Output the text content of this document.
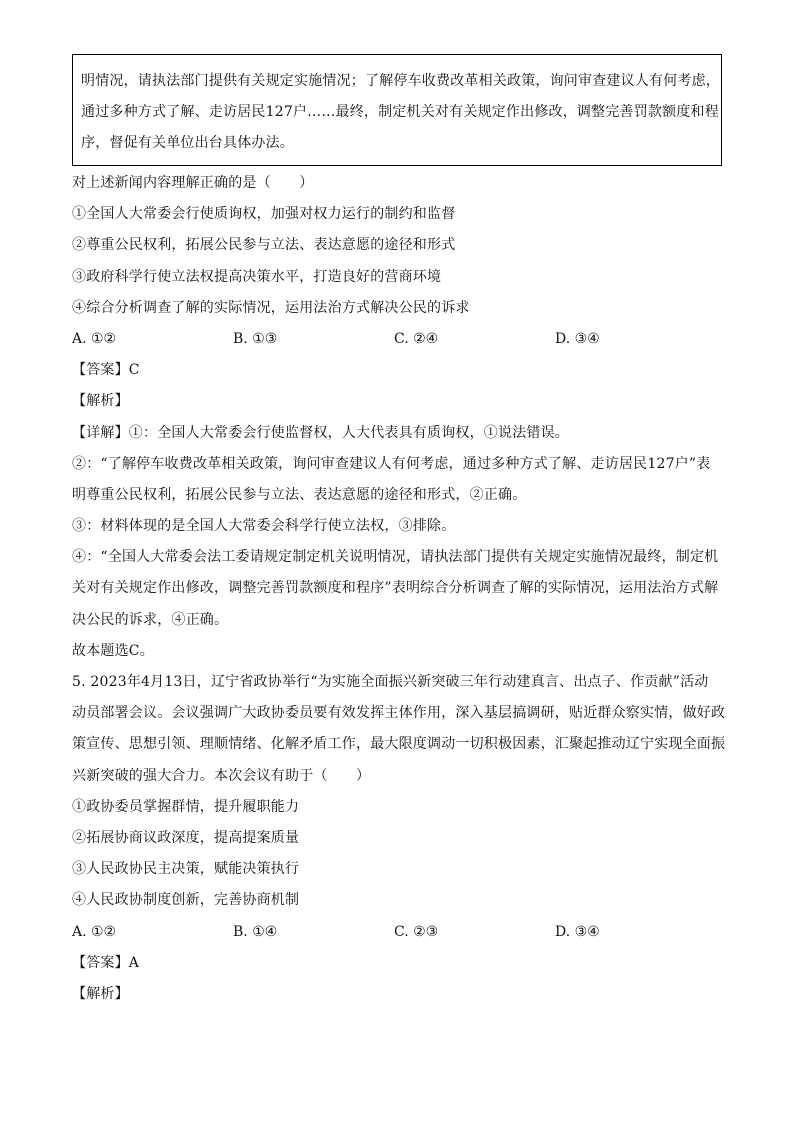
明情况，请执法部门提供有关规定实施情况；了解停车收费改革相关政策，询问审查建议人有何考虑，
通过多种方式了解、走访居民127户……最终，制定机关对有关规定作出修改，调整完善罚款额度和程
序，督促有关单位出台具体办法。
对上述新闻内容理解正确的是（　　）
①全国人大常委会行使质询权，加强对权力运行的制约和监督
②尊重公民权利，拓展公民参与立法、表达意愿的途径和形式
③政府科学行使立法权提高决策水平，打造良好的营商环境
④综合分析调查了解的实际情况，运用法治方式解决公民的诉求
A. ①②	B. ①③	C. ②④	D. ③④
【答案】C
【解析】
【详解】①：全国人大常委会行使监督权，人大代表具有质询权，①说法错误。
②：“了解停车收费改革相关政策，询问审查建议人有何考虑，通过多种方式了解、走访居民127户”表
明尊重公民权利，拓展公民参与立法、表达意愿的途径和形式，②正确。
③：材料体现的是全国人大常委会科学行使立法权，③排除。
④：“全国人大常委会法工委请规定制定机关说明情况，请执法部门提供有关规定实施情况最终，制定机
关对有关规定作出修改，调整完善罚款额度和程序”表明综合分析调查了解的实际情况，运用法治方式解
决公民的诉求，④正确。
故本题选C。
5. 2023年4月13日，辽宁省政协举行“为实施全面振兴新突破三年行动建真言、出点子、作贡献”活动
动员部署会议。会议强调广大政协委员要有效发挥主体作用，深入基层搞调研，贴近群众察实情，做好政
策宣传、思想引领、理顺情绪、化解矛盾工作，最大限度调动一切积极因素，汇聚起推动辽宁实现全面振
兴新突破的强大合力。本次会议有助于（　　）
①政协委员掌握群情，提升履职能力
②拓展协商议政深度，提高提案质量
③人民政协民主决策，赋能决策执行
④人民政协制度创新，完善协商机制
A. ①②	B. ①④	C. ②③	D. ③④
【答案】A
【解析】
